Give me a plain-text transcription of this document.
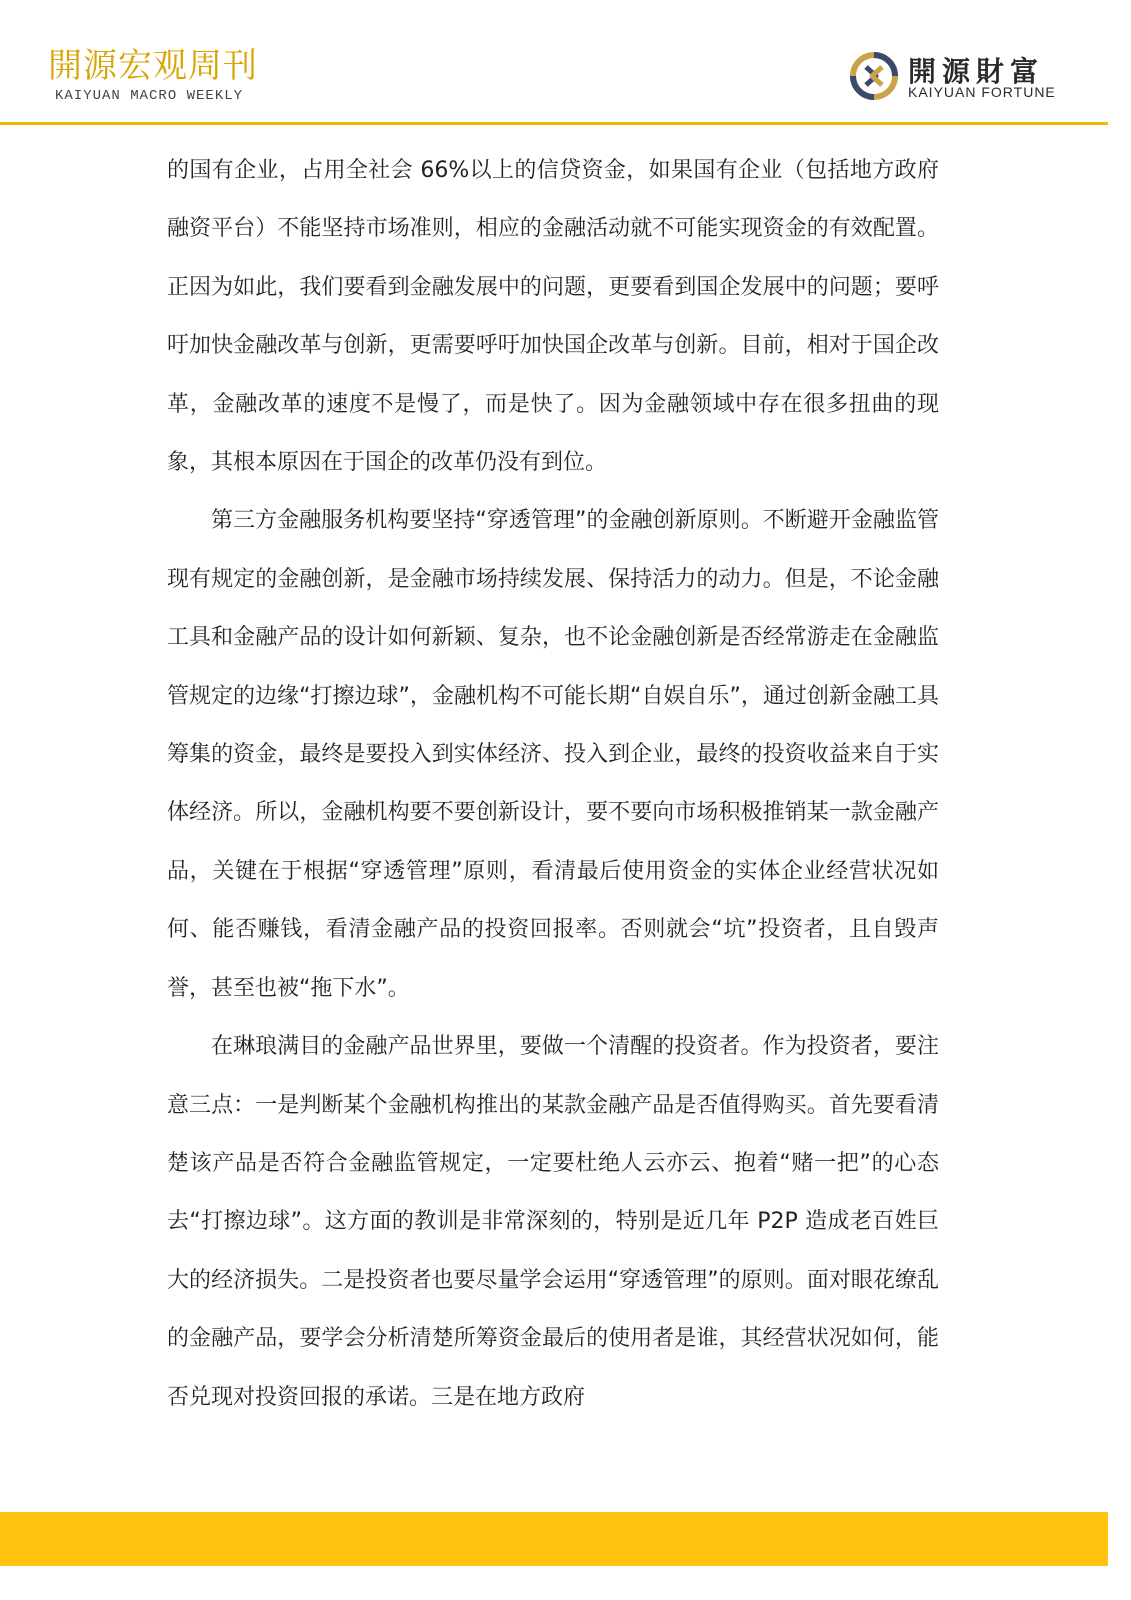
開源宏观周刊
KAIYUAN MACRO WEEKLY
開源財富
KAIYUAN FORTUNE

的国有企业，占用全社会 66%以上的信贷资金，如果国有企业（包括地方政府融资平台）不能坚持市场准则，相应的金融活动就不可能实现资金的有效配置。正因为如此，我们要看到金融发展中的问题，更要看到国企发展中的问题；要呼吁加快金融改革与创新，更需要呼吁加快国企改革与创新。目前，相对于国企改革，金融改革的速度不是慢了，而是快了。因为金融领域中存在很多扭曲的现象，其根本原因在于国企的改革仍没有到位。

第三方金融服务机构要坚持“穿透管理”的金融创新原则。不断避开金融监管现有规定的金融创新，是金融市场持续发展、保持活力的动力。但是，不论金融工具和金融产品的设计如何新颖、复杂，也不论金融创新是否经常游走在金融监管规定的边缘“打擦边球”，金融机构不可能长期“自娱自乐”，通过创新金融工具筹集的资金，最终是要投入到实体经济、投入到企业，最终的投资收益来自于实体经济。所以，金融机构要不要创新设计，要不要向市场积极推销某一款金融产品，关键在于根据“穿透管理”原则，看清最后使用资金的实体企业经营状况如何、能否赚钱，看清金融产品的投资回报率。否则就会“坑”投资者，且自毁声誉，甚至也被“拖下水”。

在琳琅满目的金融产品世界里，要做一个清醒的投资者。作为投资者，要注意三点：一是判断某个金融机构推出的某款金融产品是否值得购买。首先要看清楚该产品是否符合金融监管规定，一定要杜绝人云亦云、抱着“赌一把”的心态去“打擦边球”。这方面的教训是非常深刻的，特别是近几年 P2P 造成老百姓巨大的经济损失。二是投资者也要尽量学会运用“穿透管理”的原则。面对眼花缭乱的金融产品，要学会分析清楚所筹资金最后的使用者是谁，其经营状况如何，能否兑现对投资回报的承诺。三是在地方政府
